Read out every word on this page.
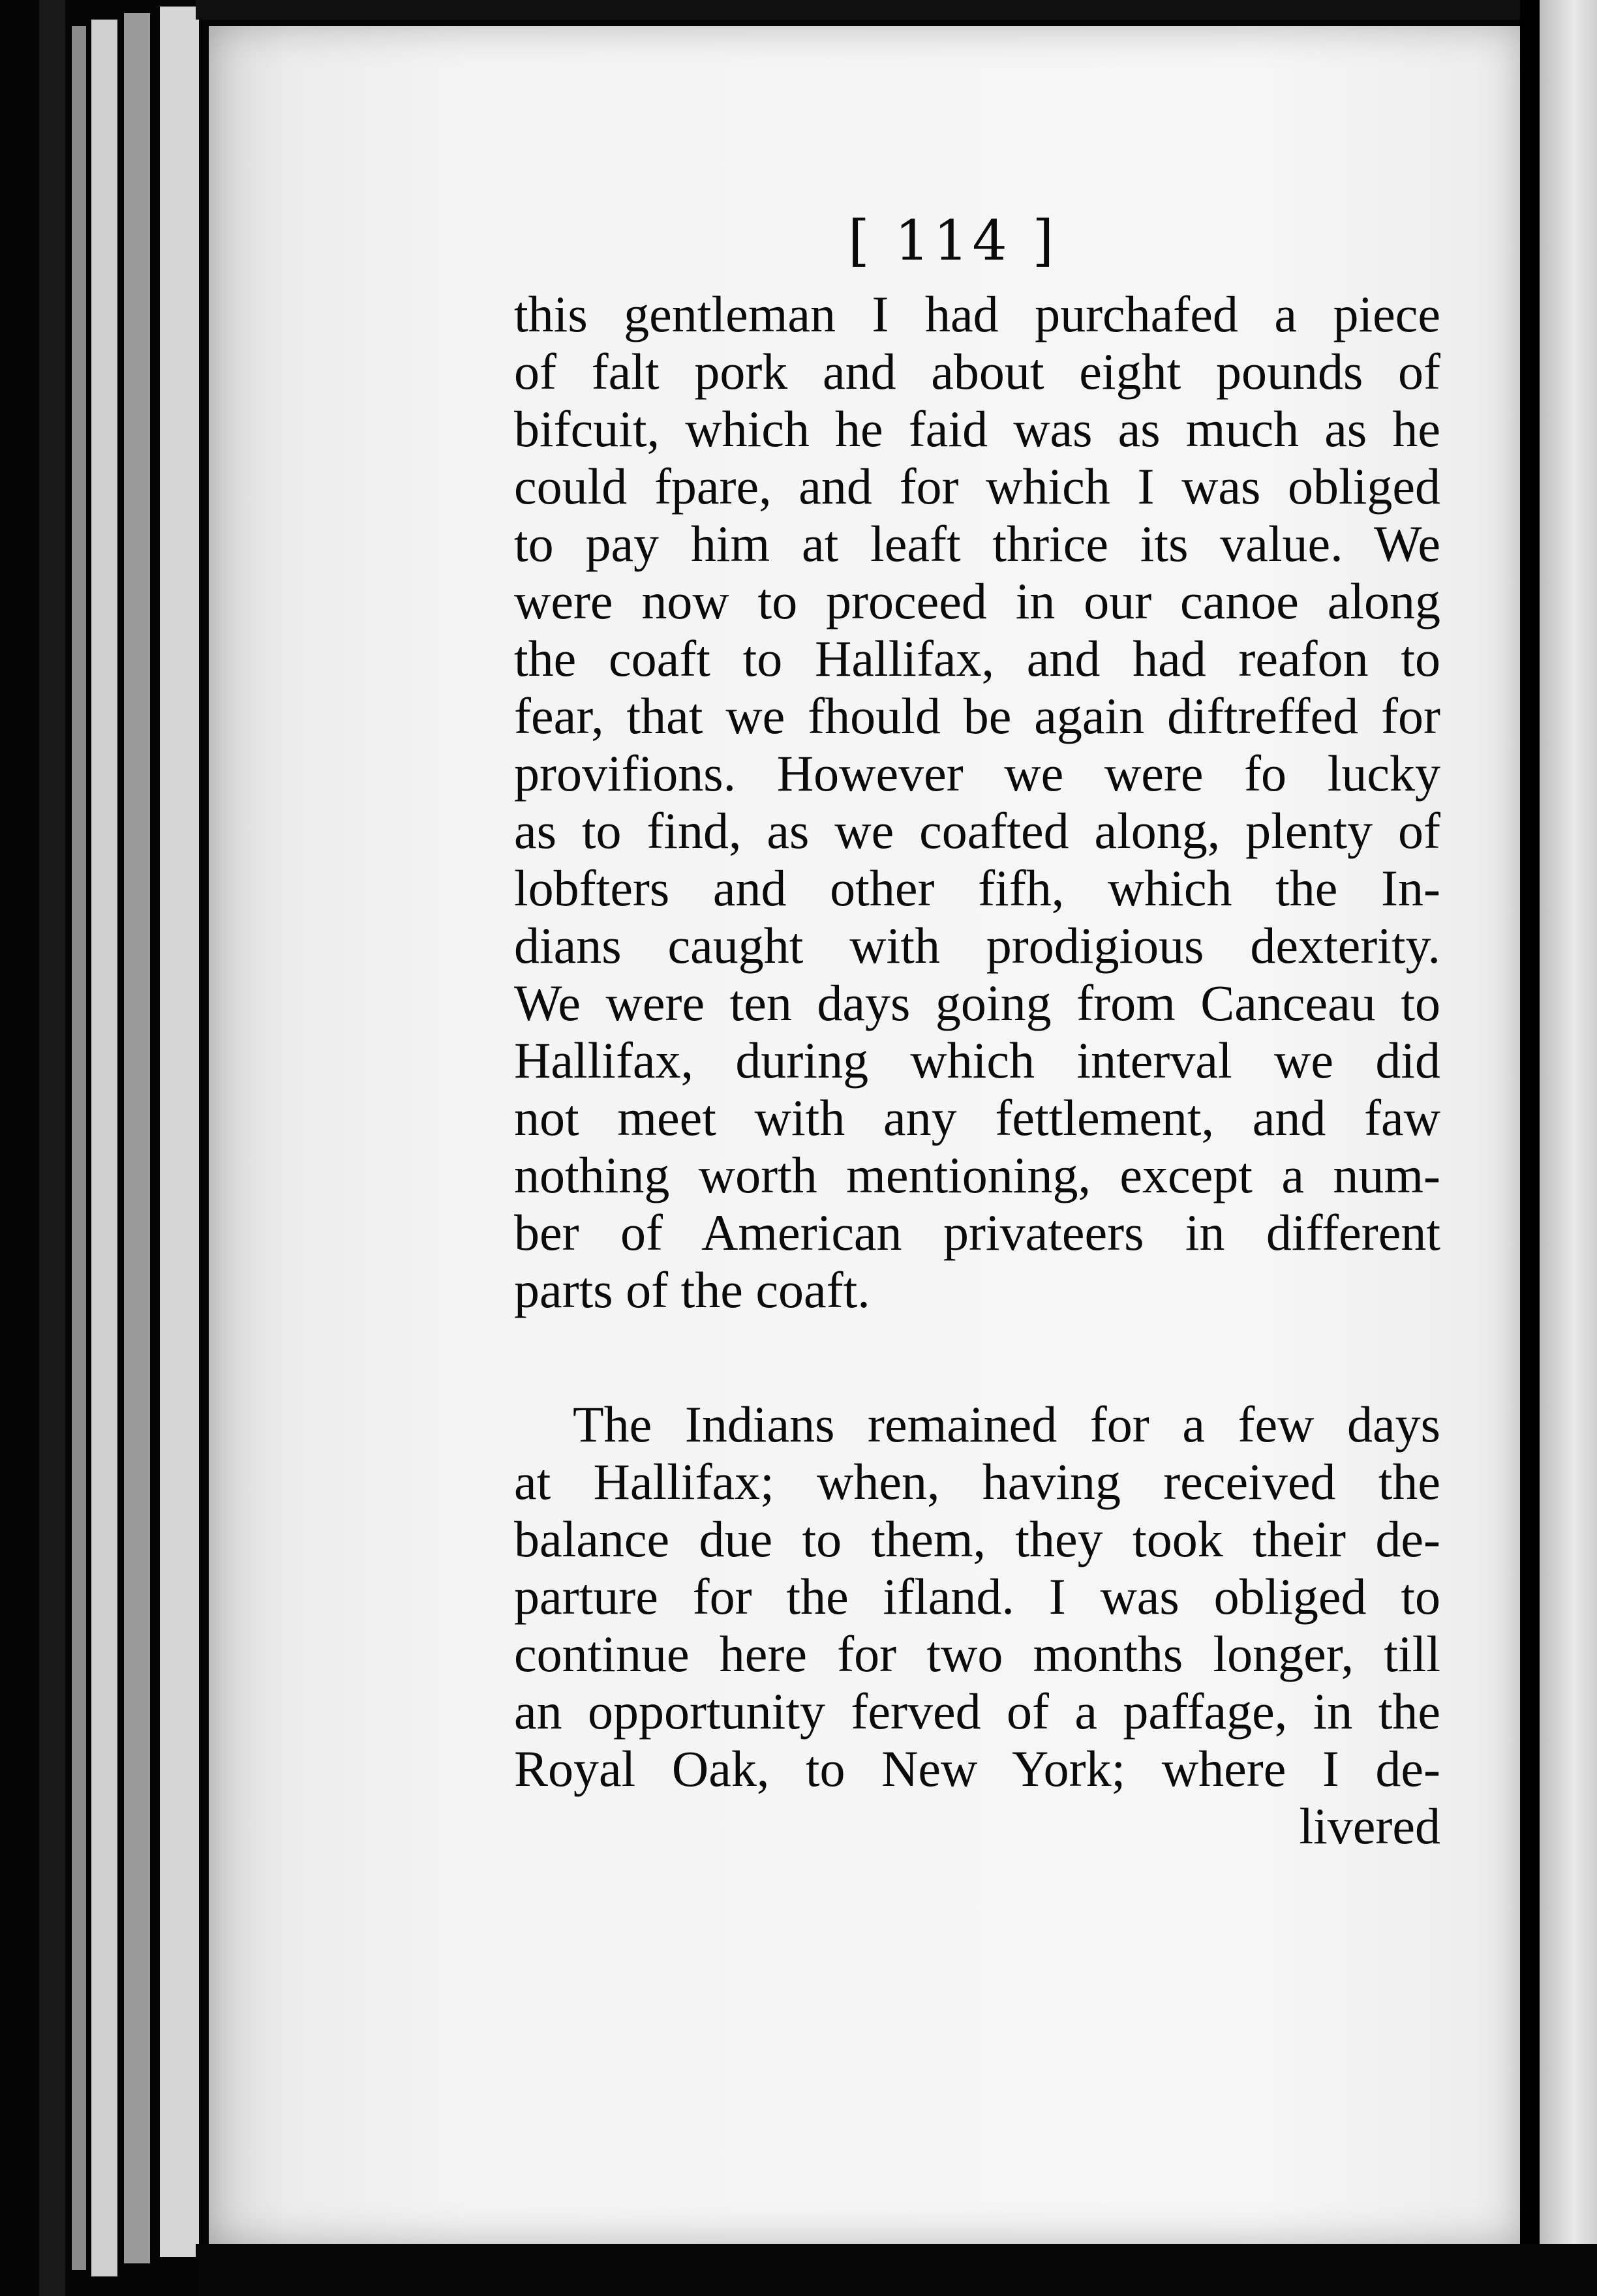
[ 114 ]
this gentleman I had purchafed a piece
of falt pork and about eight pounds of
bifcuit, which he faid was as much as he
could fpare, and for which I was obliged
to pay him at leaft thrice its value. We
were now to proceed in our canoe along
the coaft to Hallifax, and had reafon to
fear, that we fhould be again diftreffed for
provifions. However we were fo lucky
as to find, as we coafted along, plenty of
lobfters and other fifh, which the In-
dians caught with prodigious dexterity.
We were ten days going from Canceau to
Hallifax, during which interval we did
not meet with any fettlement, and faw
nothing worth mentioning, except a num-
ber of American privateers in different
parts of the coaft.
The Indians remained for a few days
at Hallifax; when, having received the
balance due to them, they took their de-
parture for the ifland. I was obliged to
continue here for two months longer, till
an opportunity ferved of a paffage, in the
Royal Oak, to New York; where I de-
livered
